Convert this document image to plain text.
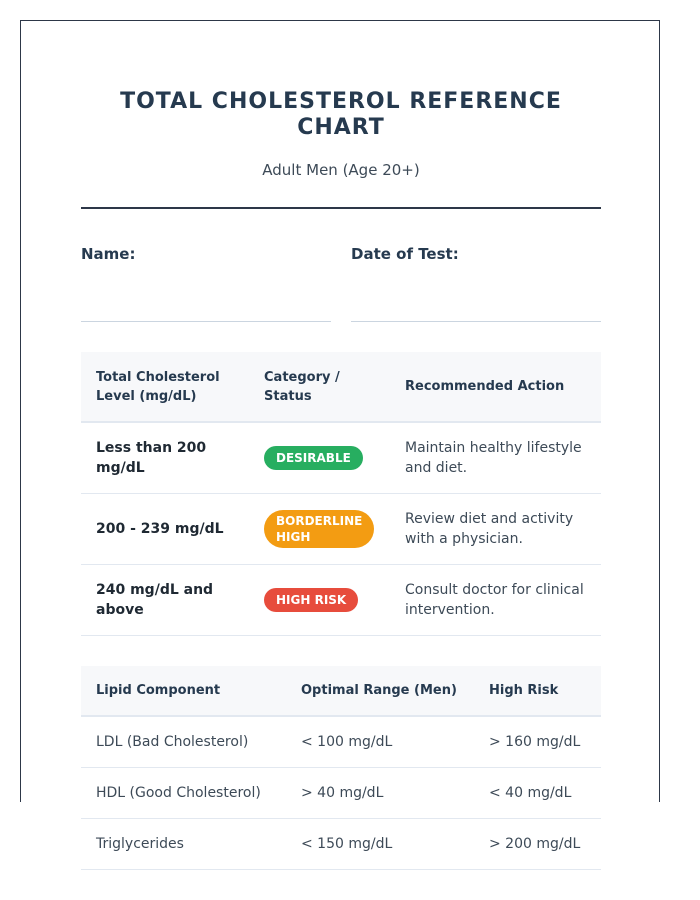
TOTAL CHOLESTEROL REFERENCE CHART
Adult Men (Age 20+)
Name:	Date of Test:
Total Cholesterol Level (mg/dL)	Category / Status	Recommended Action
Less than 200 mg/dL	DESIRABLE	Maintain healthy lifestyle and diet.
200 - 239 mg/dL	BORDERLINE HIGH	Review diet and activity with a physician.
240 mg/dL and above	HIGH RISK	Consult doctor for clinical intervention.
Lipid Component	Optimal Range (Men)	High Risk
LDL (Bad Cholesterol)	< 100 mg/dL	> 160 mg/dL
HDL (Good Cholesterol)	> 40 mg/dL	< 40 mg/dL
Triglycerides	< 150 mg/dL	> 200 mg/dL
